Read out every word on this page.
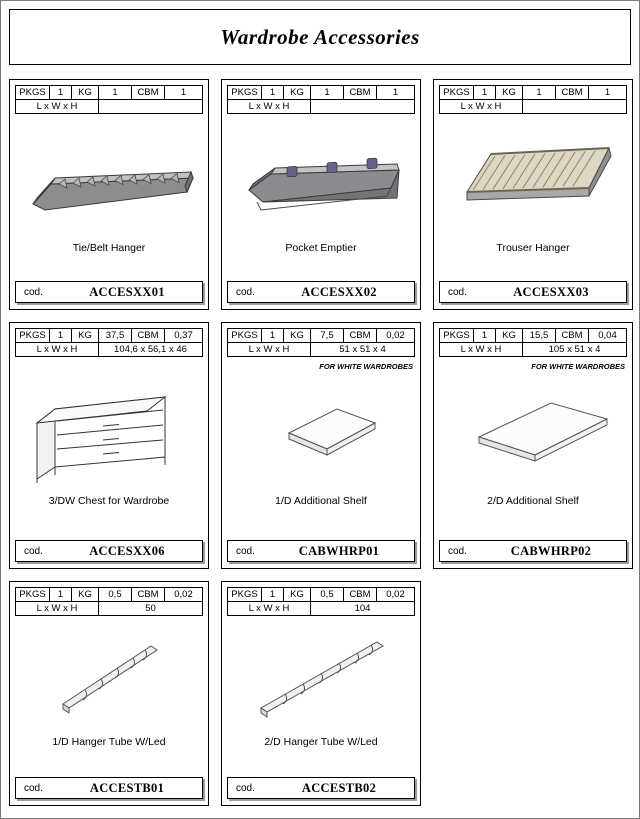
Wardrobe Accessories
PKGS	1	KG	1	CBM	1
L x W x H					
Tie/Belt Hanger
cod.	ACCESXX01
PKGS	1	KG	1	CBM	1
L x W x H					
Pocket Emptier
cod.	ACCESXX02
PKGS	1	KG	1	CBM	1
L x W x H					
Trouser Hanger
cod.	ACCESXX03
PKGS	1	KG	37,5	CBM	0,37
L x W x H			104,6 x 56,1 x 46		
3/DW Chest for Wardrobe
cod.	ACCESXX06
PKGS	1	KG	7,5	CBM	0,02
L x W x H			51 x 51 x 4		
FOR WHITE WARDROBES
1/D Additional Shelf
cod.	CABWHRP01
PKGS	1	KG	15,5	CBM	0,04
L x W x H			105 x 51 x 4		
FOR WHITE WARDROBES
2/D Additional Shelf
cod.	CABWHRP02
PKGS	1	KG	0,5	CBM	0,02
L x W x H			50		
1/D Hanger Tube W/Led
cod.	ACCESTB01
PKGS	1	KG	0,5	CBM	0,02
L x W x H			104		
2/D Hanger Tube W/Led
cod.	ACCESTB02
